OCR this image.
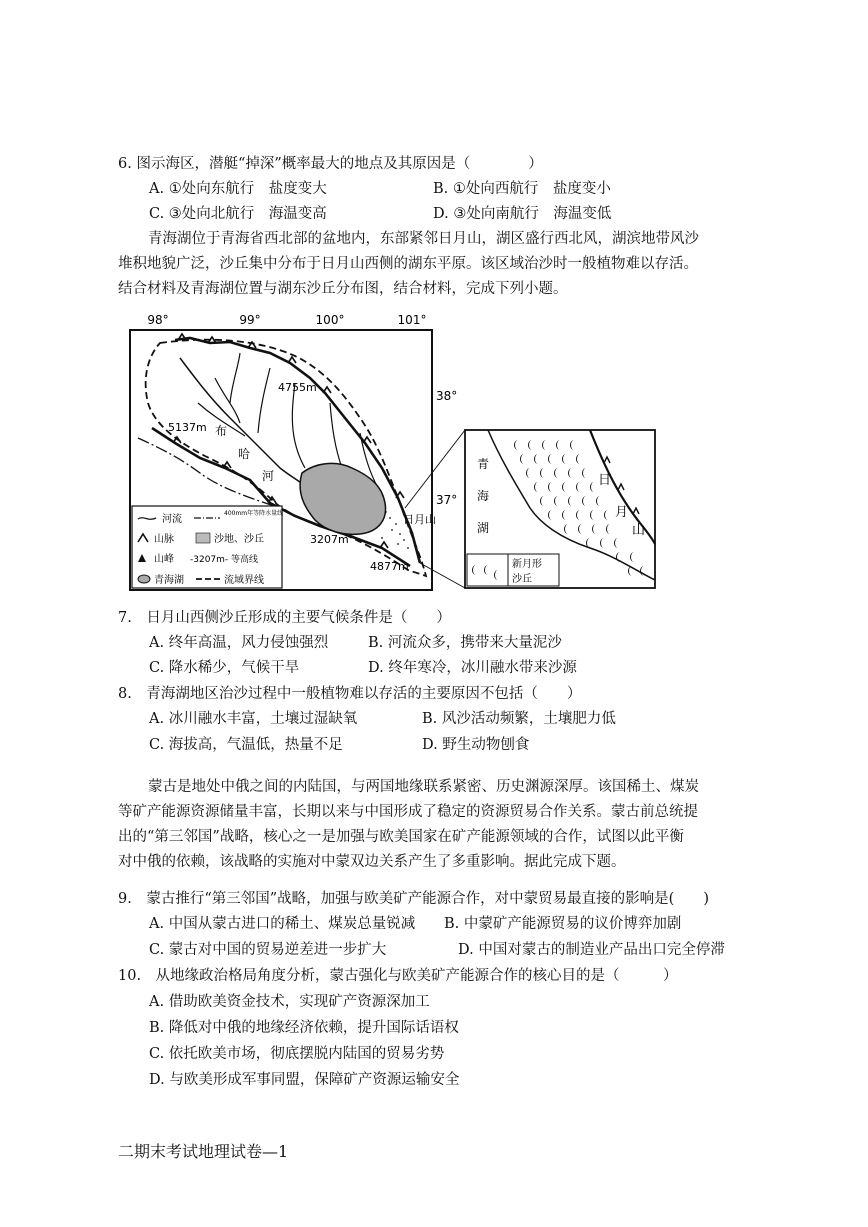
6. 图示海区，潜艇“掉深”概率最大的地点及其原因是（　　　　）
A. ①处向东航行　盐度变大	B. ①处向西航行　盐度变小
C. ③处向北航行　海温变高	D. ③处向南航行　海温变低
青海湖位于青海省西北部的盆地内，东部紧邻日月山，湖区盛行西北风，湖滨地带风沙
堆积地貌广泛，沙丘集中分布于日月山西侧的湖东平原。该区域治沙时一般植物难以存活。
结合材料及青海湖位置与湖东沙丘分布图，结合材料，完成下列小题。
98°	99°	100°	101°
38°
37°
4755m
5137m
3207m
4877m
布
哈
河
日月山
河流
400mm年等降水量线
山脉	沙地、沙丘
山峰 -3207m- 等高线
青海湖	流域界线
青
海
湖
日
月
山
新月形
沙丘
7.　日月山西侧沙丘形成的主要气候条件是（　　）
A. 终年高温，风力侵蚀强烈	B. 河流众多，携带来大量泥沙
C. 降水稀少，气候干旱	D. 终年寒冷，冰川融水带来沙源
8.　青海湖地区治沙过程中一般植物难以存活的主要原因不包括（　　）
A. 冰川融水丰富，土壤过湿缺氧	B. 风沙活动频繁，土壤肥力低
C. 海拔高，气温低，热量不足	D. 野生动物刨食
蒙古是地处中俄之间的内陆国，与两国地缘联系紧密、历史渊源深厚。该国稀土、煤炭
等矿产能源资源储量丰富，长期以来与中国形成了稳定的资源贸易合作关系。蒙古前总统提
出的“第三邻国”战略，核心之一是加强与欧美国家在矿产能源领域的合作，试图以此平衡
对中俄的依赖，该战略的实施对中蒙双边关系产生了多重影响。据此完成下题。
9.　蒙古推行“第三邻国”战略，加强与欧美矿产能源合作，对中蒙贸易最直接的影响是(　　)
A. 中国从蒙古进口的稀土、煤炭总量锐减 B. 中蒙矿产能源贸易的议价博弈加剧
C. 蒙古对中国的贸易逆差进一步扩大	D. 中国对蒙古的制造业产品出口完全停滞
10.　从地缘政治格局角度分析，蒙古强化与欧美矿产能源合作的核心目的是（　　　）
A. 借助欧美资金技术，实现矿产资源深加工
B. 降低对中俄的地缘经济依赖，提升国际话语权
C. 依托欧美市场，彻底摆脱内陆国的贸易劣势
D. 与欧美形成军事同盟，保障矿产资源运输安全
二期末考试地理试卷—1
